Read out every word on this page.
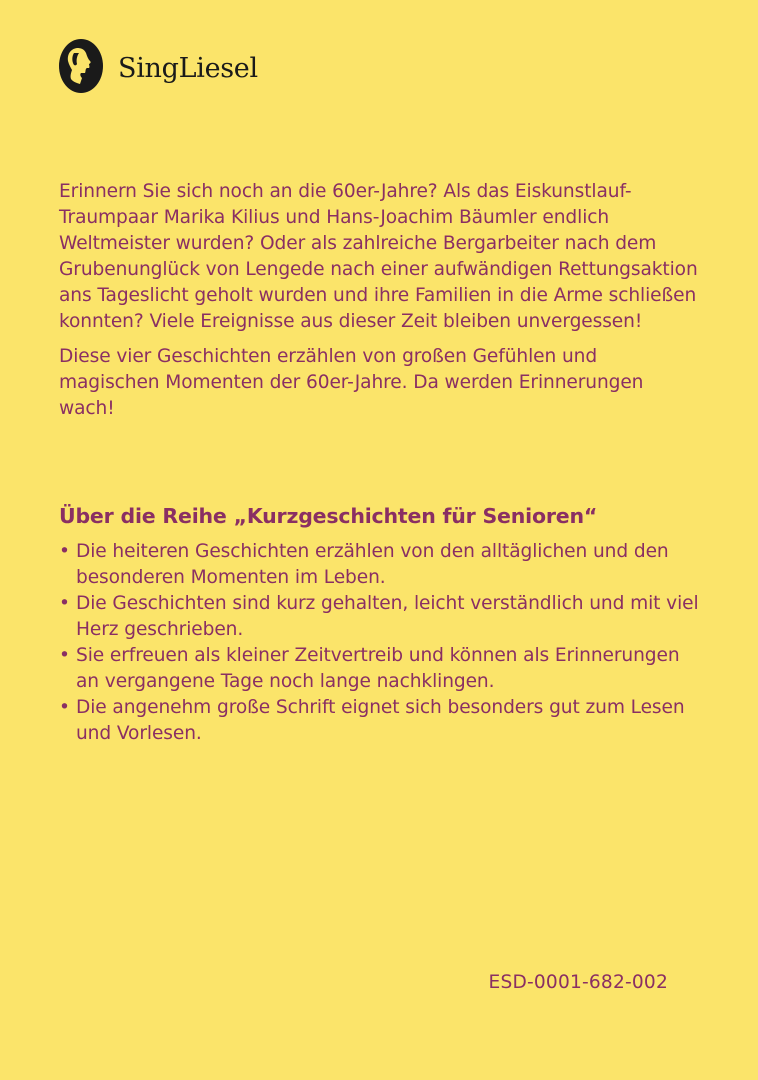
SingLiesel

Erinnern Sie sich noch an die 60er-Jahre? Als das Eiskunstlauf-Traumpaar Marika Kilius und Hans-Joachim Bäumler endlich Weltmeister wurden? Oder als zahlreiche Bergarbeiter nach dem Grubenunglück von Lengede nach einer aufwändigen Rettungsaktion ans Tageslicht geholt wurden und ihre Familien in die Arme schließen konnten? Viele Ereignisse aus dieser Zeit bleiben unvergessen!

Diese vier Geschichten erzählen von großen Gefühlen und magischen Momenten der 60er-Jahre. Da werden Erinnerungen wach!

Über die Reihe „Kurzgeschichten für Senioren“
• Die heiteren Geschichten erzählen von den alltäglichen und den besonderen Momenten im Leben.
• Die Geschichten sind kurz gehalten, leicht verständlich und mit viel Herz geschrieben.
• Sie erfreuen als kleiner Zeitvertreib und können als Erinnerungen an vergangene Tage noch lange nachklingen.
• Die angenehm große Schrift eignet sich besonders gut zum Lesen und Vorlesen.
ESD-0001-682-002
